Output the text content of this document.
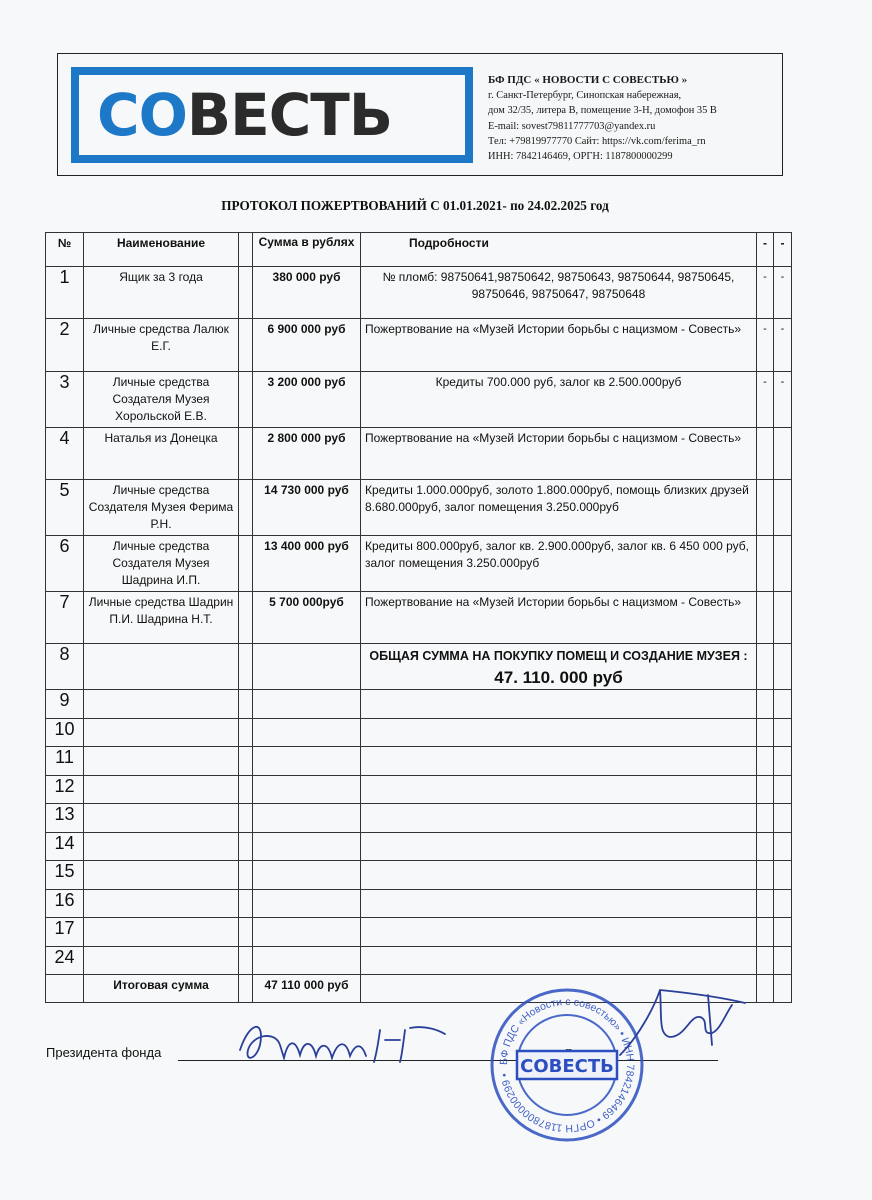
СОВЕСТЬ
БФ ПДС « НОВОСТИ С СОВЕСТЬЮ »
г. Санкт-Петербург, Синопская набережная,
дом 32/35, литера В, помещение 3-Н, домофон 35 В
E-mail: sovest79811777703@yandex.ru
Тел: +79819977770 Сайт: https://vk.com/ferima_rn
ИНН: 7842146469, ОРГН: 1187800000299
ПРОТОКОЛ ПОЖЕРТВОВАНИЙ С 01.01.2021- по 24.02.2025 год
№	Наименование		Сумма в рублях	Подробности	-	-
1	Ящик за 3 года		380 000 руб	№ пломб: 98750641,98750642, 98750643, 98750644, 98750645, 98750646, 98750647, 98750648	-	-
2	Личные средства Лалюк Е.Г.		6 900 000 руб	Пожертвование на «Музей Истории борьбы с нацизмом - Совесть»	-	-
3	Личные средства Создателя Музея Хорольской Е.В.		3 200 000 руб	Кредиты 700.000 руб, залог кв 2.500.000руб	-	-
4	Наталья из Донецка		2 800 000 руб	Пожертвование на «Музей Истории борьбы с нацизмом - Совесть»		
5	Личные средства Создателя Музея Ферима Р.Н.		14 730 000 руб	Кредиты 1.000.000руб, золото 1.800.000руб, помощь близких друзей 8.680.000руб, залог помещения 3.250.000руб		
6	Личные средства Создателя Музея Шадрина И.П.		13 400 000 руб	Кредиты 800.000руб, залог кв. 2.900.000руб, залог кв. 6 450 000 руб, залог помещения 3.250.000руб		
7	Личные средства Шадрин П.И. Шадрина Н.Т.		5 700 000руб	Пожертвование на «Музей Истории борьбы с нацизмом - Совесть»		
8				ОБЩАЯ СУММА НА ПОКУПКУ ПОМЕЩ И СОЗДАНИЕ МУЗЕЯ :
47. 110. 000 руб		

9						
10						
11						
12						
13						
14						
15						
16						
17						
24						
	Итоговая сумма		47 110 000 руб			
Президента фонда
БФ ПДС «Новости с совестью» • ИНН 7842146469 • ОРГН 1187800000299 • СОВЕСТЬ
